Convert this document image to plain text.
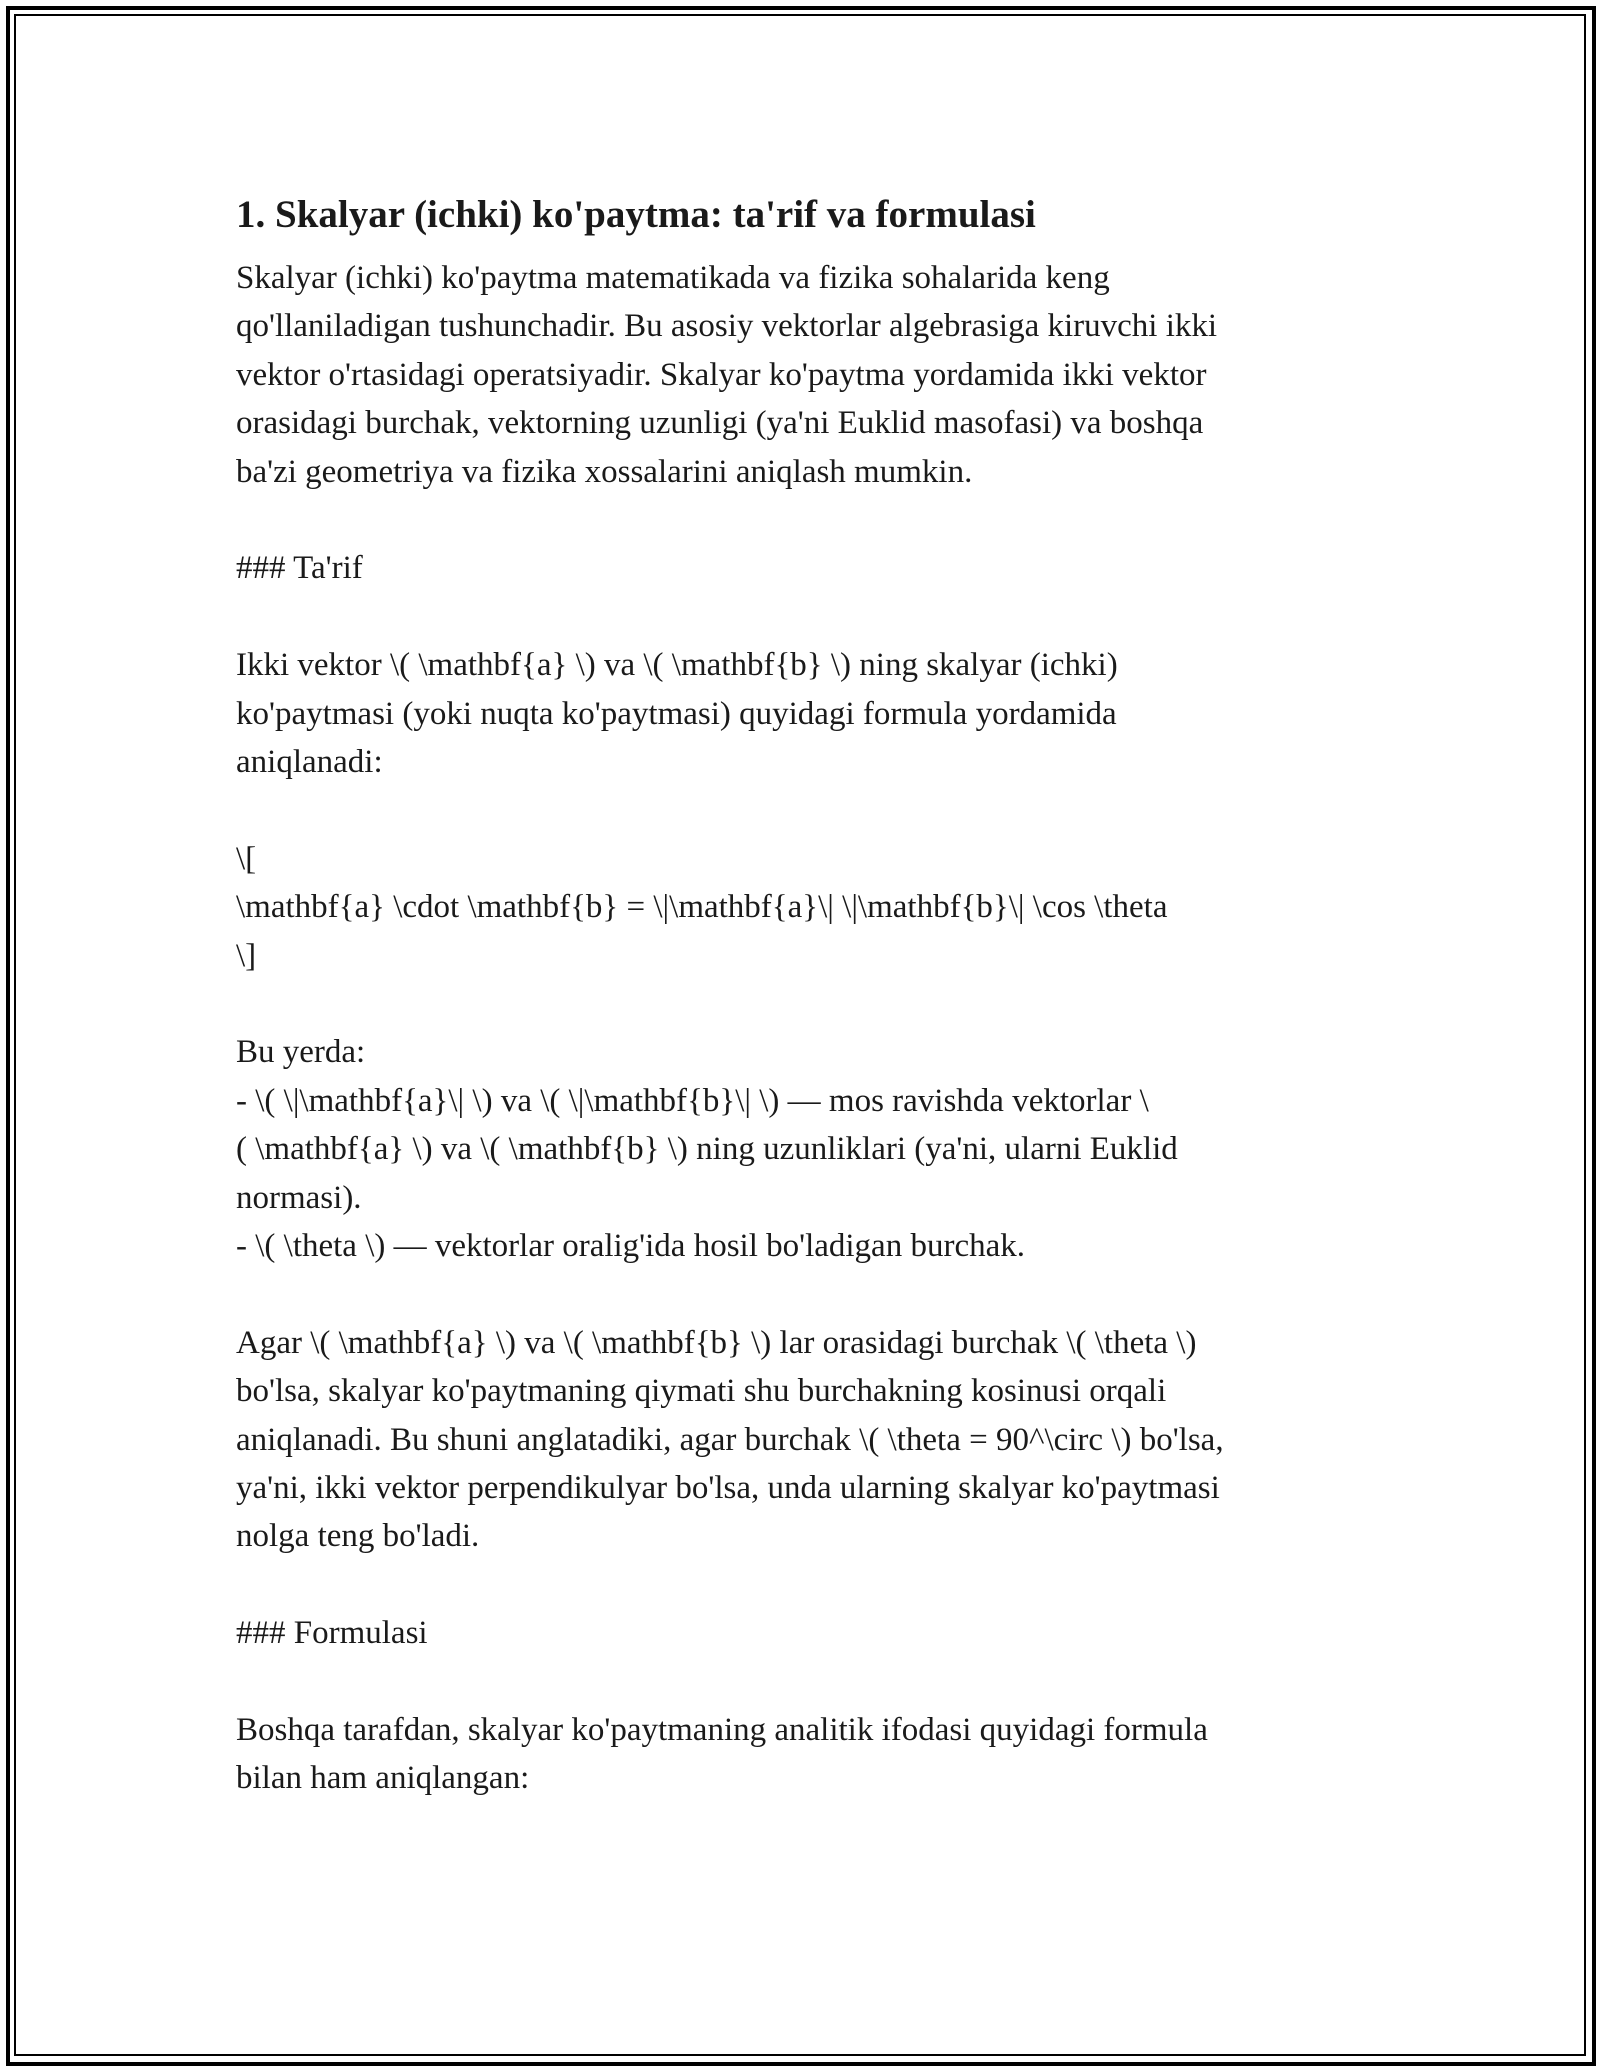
1. Skalyar (ichki) ko'paytma: ta'rif va formulasi
Skalyar (ichki) ko'paytma matematikada va fizika sohalarida keng
qo'llaniladigan tushunchadir. Bu asosiy vektorlar algebrasiga kiruvchi ikki
vektor o'rtasidagi operatsiyadir. Skalyar ko'paytma yordamida ikki vektor
orasidagi burchak, vektorning uzunligi (ya'ni Euklid masofasi) va boshqa
ba'zi geometriya va fizika xossalarini aniqlash mumkin.
### Ta'rif
Ikki vektor \( \mathbf{a} \) va \( \mathbf{b} \) ning skalyar (ichki)
ko'paytmasi (yoki nuqta ko'paytmasi) quyidagi formula yordamida
aniqlanadi:
\[
\mathbf{a} \cdot \mathbf{b} = \|\mathbf{a}\| \|\mathbf{b}\| \cos \theta
\]
Bu yerda:
- \( \|\mathbf{a}\| \) va \( \|\mathbf{b}\| \) — mos ravishda vektorlar \
( \mathbf{a} \) va \( \mathbf{b} \) ning uzunliklari (ya'ni, ularni Euklid
normasi).
- \( \theta \) — vektorlar oralig'ida hosil bo'ladigan burchak.
Agar \( \mathbf{a} \) va \( \mathbf{b} \) lar orasidagi burchak \( \theta \)
bo'lsa, skalyar ko'paytmaning qiymati shu burchakning kosinusi orqali
aniqlanadi. Bu shuni anglatadiki, agar burchak \( \theta = 90^\circ \) bo'lsa,
ya'ni, ikki vektor perpendikulyar bo'lsa, unda ularning skalyar ko'paytmasi
nolga teng bo'ladi.
### Formulasi
Boshqa tarafdan, skalyar ko'paytmaning analitik ifodasi quyidagi formula
bilan ham aniqlangan:
